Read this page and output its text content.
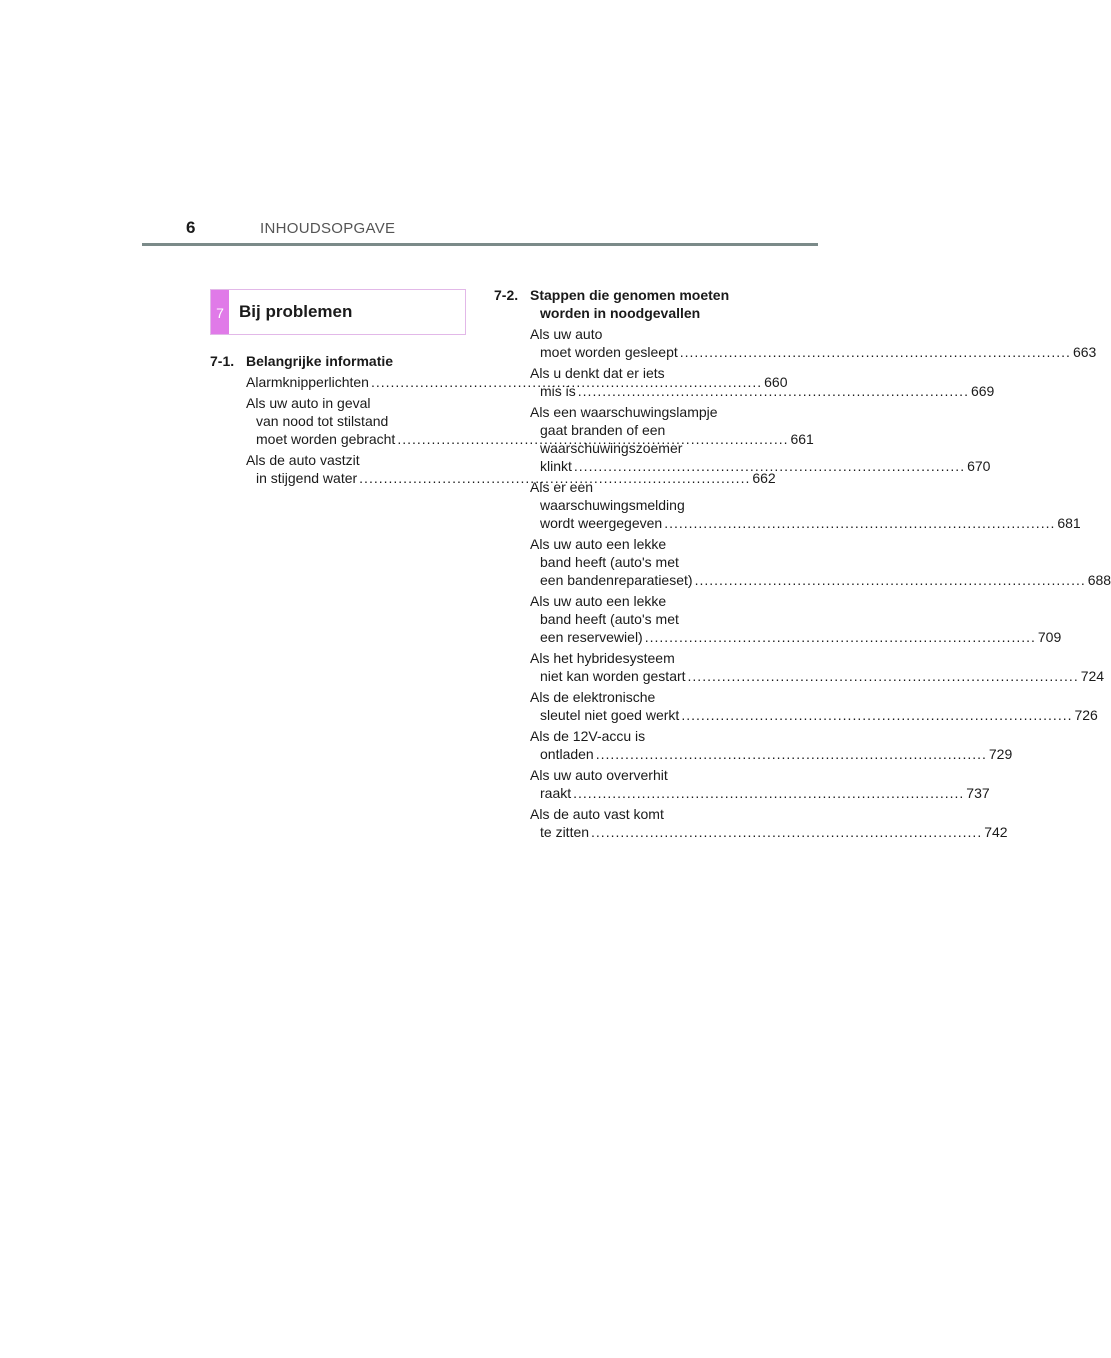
6	INHOUDSOPGAVE
7 Bij problemen
7-1. Belangrijke informatie
Alarmknipperlichten .....	660
Als uw auto in geval
van nood tot stilstand
moet worden gebracht .....	661
Als de auto vastzit
in stijgend water .....	662
7-2. Stappen die genomen moeten
worden in noodgevallen
Als uw auto
moet worden gesleept .....	663
Als u denkt dat er iets
mis is .....	669
Als een waarschuwingslampje
gaat branden of een
waarschuwingszoemer
klinkt .....	670
Als er een
waarschuwingsmelding
wordt weergegeven .....	681
Als uw auto een lekke
band heeft (auto's met
een bandenreparatieset) .....	688
Als uw auto een lekke
band heeft (auto's met
een reservewiel) .....	709
Als het hybridesysteem
niet kan worden gestart .....	724
Als de elektronische
sleutel niet goed werkt .....	726
Als de 12V-accu is
ontladen .....	729
Als uw auto oververhit
raakt .....	737
Als de auto vast komt
te zitten .....	742
